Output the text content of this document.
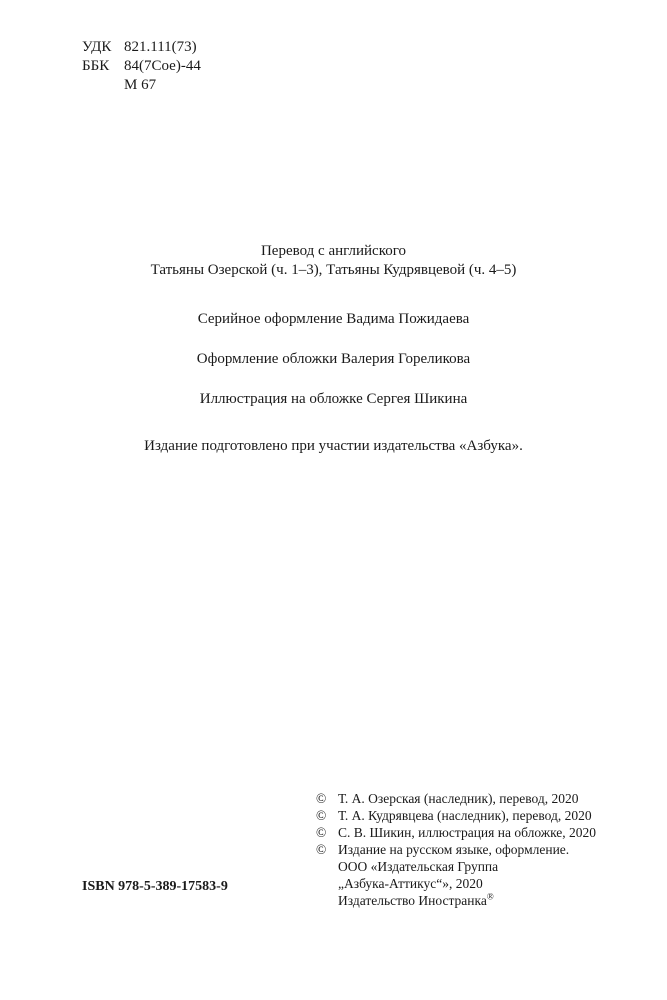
УДК 821.111(73)
ББК 84(7Сое)-44
М 67
Перевод с английского
Татьяны Озерской (ч. 1–3), Татьяны Кудрявцевой (ч. 4–5)
Серийное оформление Вадима Пожидаева
Оформление обложки Валерия Гореликова
Иллюстрация на обложке Сергея Шикина
Издание подготовлено при участии издательства «Азбука».
© Т. А. Озерская (наследник), перевод, 2020
© Т. А. Кудрявцева (наследник), перевод, 2020
© С. В. Шикин, иллюстрация на обложке, 2020
© Издание на русском языке, оформление.
ООО «Издательская Группа
„Азбука-Аттикус“», 2020
Издательство Иностранка®
ISBN 978-5-389-17583-9
